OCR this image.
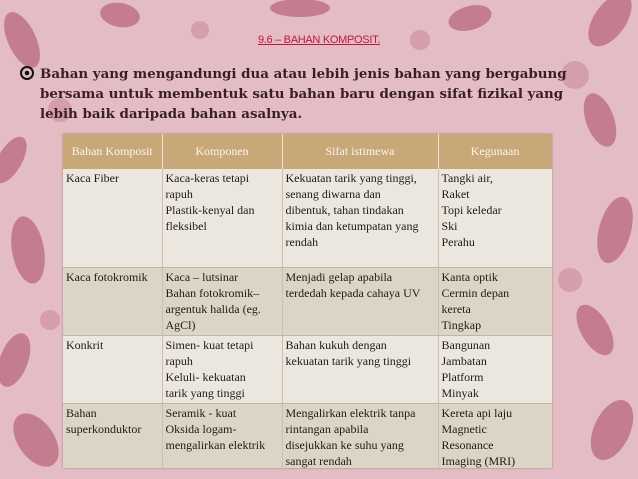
9.6 – BAHAN KOMPOSIT.
Bahan yang mengandungi dua atau lebih jenis bahan yang bergabung bersama untuk membentuk satu bahan baru dengan sifat fizikal yang lebih baik daripada bahan asalnya.
Bahan Komposit	Komponen	Sifat istimewa	Kegunaan

Kaca Fiber	Kaca-keras tetapi
rapuh
Plastik-kenyal dan
fleksibel	Kekuatan tarik yang tinggi,
senang diwarna dan
dibentuk, tahan tindakan
kimia dan ketumpatan yang
rendah	Tangki air,
Raket
Topi keledar
Ski
Perahu

Kaca fotokromik	Kaca – lutsinar
Bahan fotokromik–
argentuk halida (eg.
AgCl)	Menjadi gelap apabila
terdedah kepada cahaya UV	Kanta optik
Cermin depan
kereta
Tingkap

Konkrit	Simen- kuat tetapi
rapuh
Keluli- kekuatan
tarik yang tinggi	Bahan kukuh dengan
kekuatan tarik yang tinggi	Bangunan
Jambatan
Platform
Minyak

Bahan
superkonduktor	Seramik - kuat
Oksida logam-
mengalirkan elektrik	Mengalirkan elektrik tanpa
rintangan apabila
disejukkan ke suhu yang
sangat rendah	Kereta api laju
Magnetic
Resonance
Imaging (MRI)
